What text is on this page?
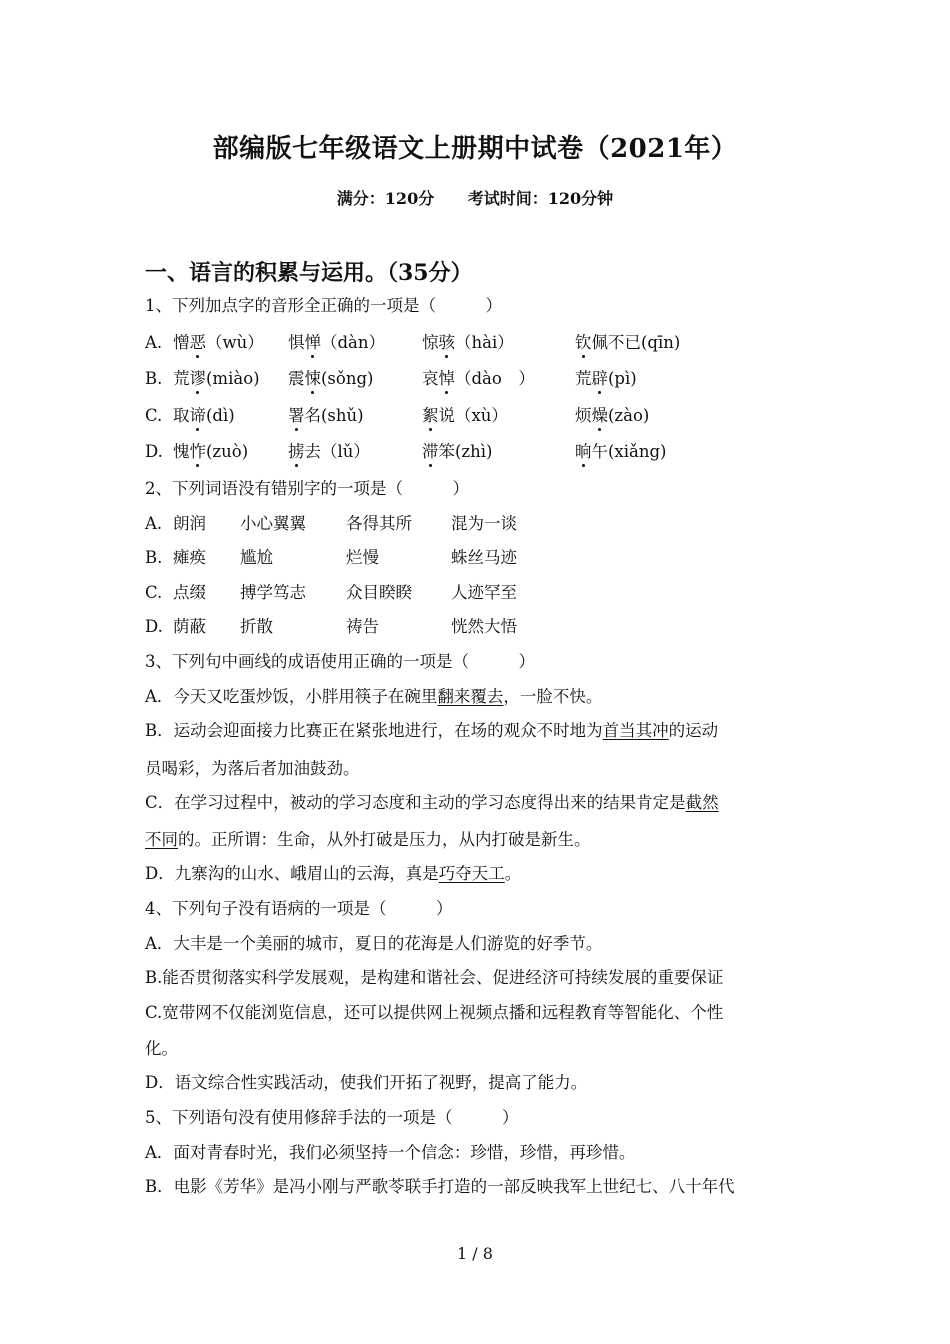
部编版七年级语文上册期中试卷（2021年）
满分：120分 考试时间：120分钟
一、语言的积累与运用。（35分）
1、下列加点字的音形全正确的一项是（　　　）
A. 憎恶（wù） 惧惮（dàn） 惊骇（hài）	钦佩不已(qīn)
B. 荒谬(miào) 震悚(sǒng)	哀悼（dào　） 荒辟(pì)
C. 取谛(dì)	署名(shǔ)	絮说（xù）	烦燥(zào)
D. 愧怍(zuò) 掳去（lǔ）	滞笨(zhì)	晌午(xiǎng)
2、下列词语没有错别字的一项是（　　　）
A. 朗润 小心翼翼 各得其所 混为一谈
B. 瘫痪 尴尬	烂慢	蛛丝马迹
C. 点缀 搏学笃志 众目睽睽 人迹罕至
D. 荫蔽 折散	祷告	恍然大悟
3、下列句中画线的成语使用正确的一项是（　　　）
A．今天又吃蛋炒饭，小胖用筷子在碗里翻来覆去，一脸不快。
B．运动会迎面接力比赛正在紧张地进行，在场的观众不时地为首当其冲的运动
员喝彩，为落后者加油鼓劲。
C．在学习过程中，被动的学习态度和主动的学习态度得出来的结果肯定是截然
不同的。正所谓：生命，从外打破是压力，从内打破是新生。
D．九寨沟的山水、峨眉山的云海，真是巧夺天工。
4、下列句子没有语病的一项是（　　　）
A．大丰是一个美丽的城市，夏日的花海是人们游览的好季节。
B.能否贯彻落实科学发展观，是构建和谐社会、促进经济可持续发展的重要保证
C.宽带网不仅能浏览信息，还可以提供网上视频点播和远程教育等智能化、个性
化。
D．语文综合性实践活动，使我们开拓了视野，提高了能力。
5、下列语句没有使用修辞手法的一项是（　　　）
A．面对青春时光，我们必须坚持一个信念：珍惜，珍惜，再珍惜。
B．电影《芳华》是冯小刚与严歌苓联手打造的一部反映我军上世纪七、八十年代
1 / 8
